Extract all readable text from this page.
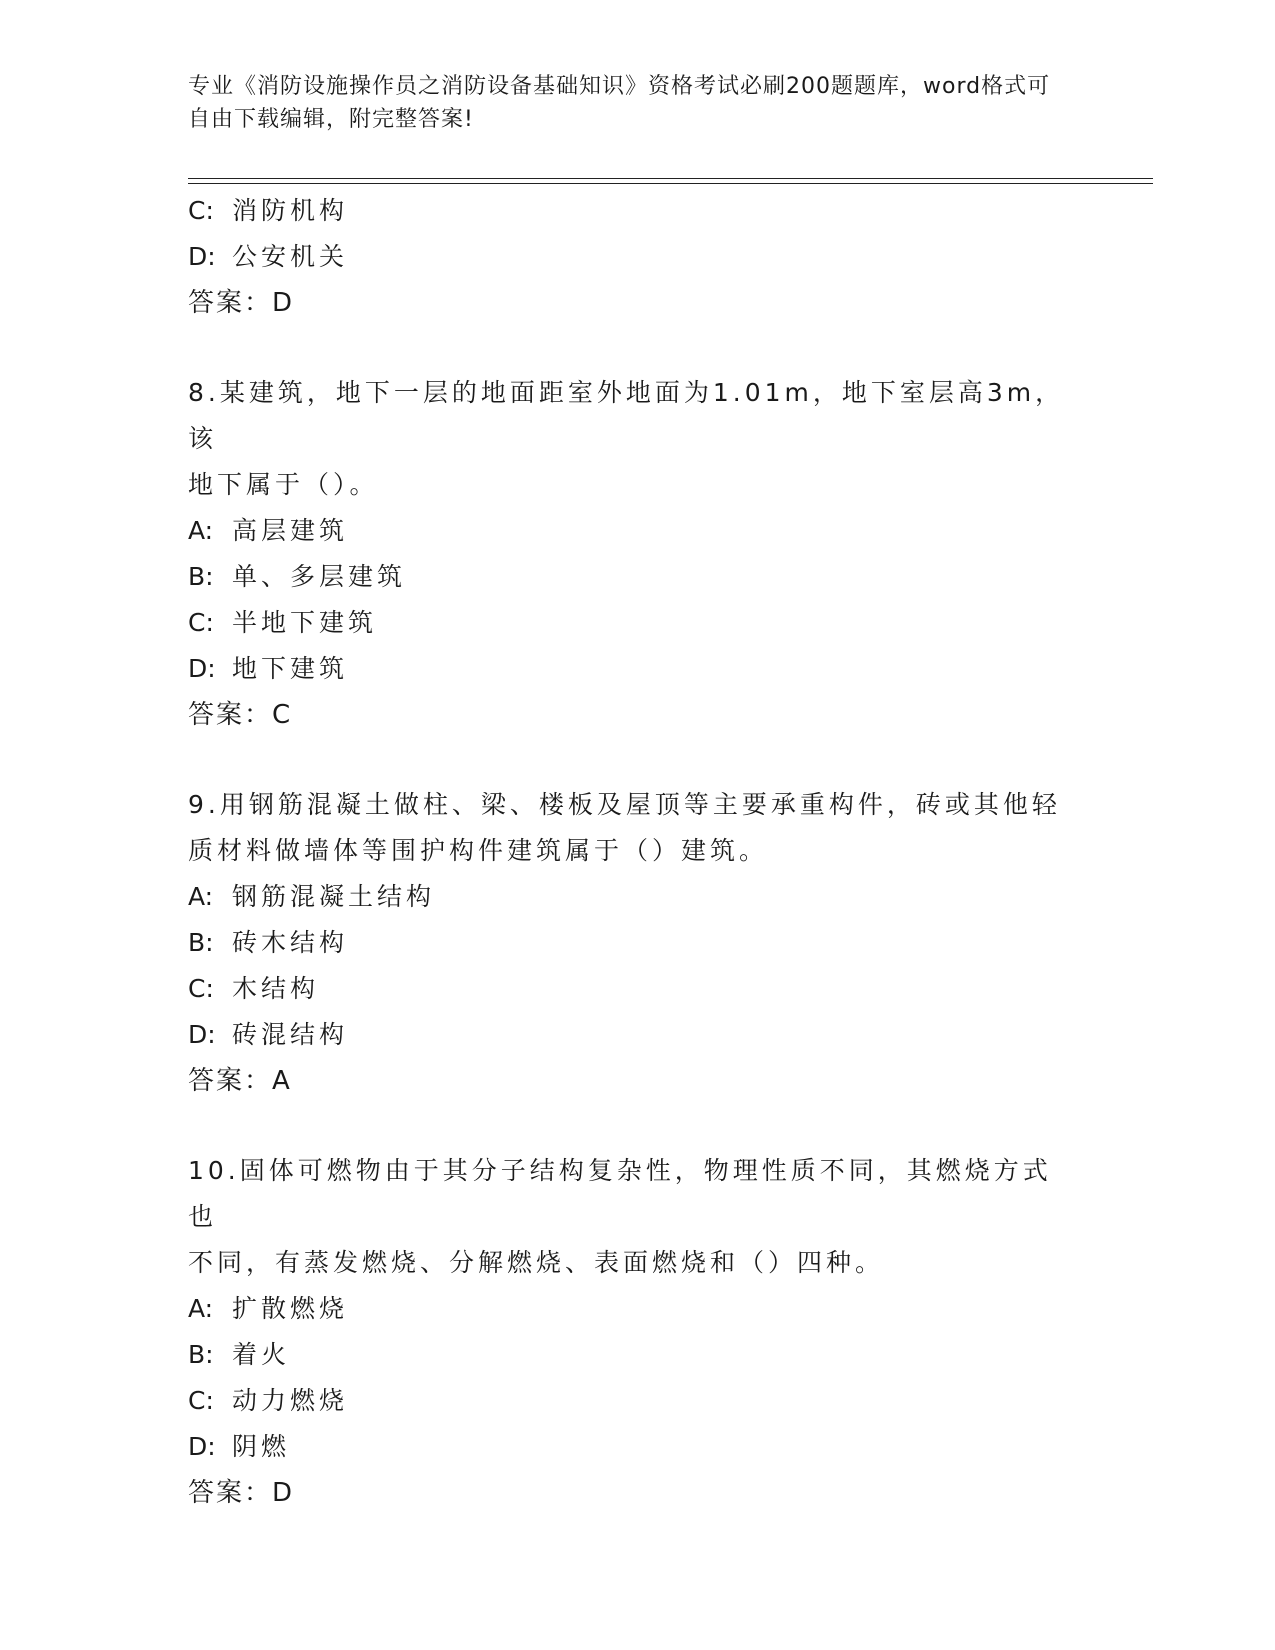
专业《消防设施操作员之消防设备基础知识》资格考试必刷200题题库，word格式可自由下载编辑，附完整答案!
C: 消防机构
D: 公安机关
答案：D
8.某建筑，地下一层的地面距室外地面为1.01m，地下室层高3m，该
地下属于（）。
A: 高层建筑
B: 单、多层建筑
C: 半地下建筑
D: 地下建筑
答案：C
9.用钢筋混凝土做柱、梁、楼板及屋顶等主要承重构件，砖或其他轻
质材料做墙体等围护构件建筑属于（）建筑。
A: 钢筋混凝土结构
B: 砖木结构
C: 木结构
D: 砖混结构
答案：A
10.固体可燃物由于其分子结构复杂性，物理性质不同，其燃烧方式也
不同，有蒸发燃烧、分解燃烧、表面燃烧和（）四种。
A: 扩散燃烧
B: 着火
C: 动力燃烧
D: 阴燃
答案：D
